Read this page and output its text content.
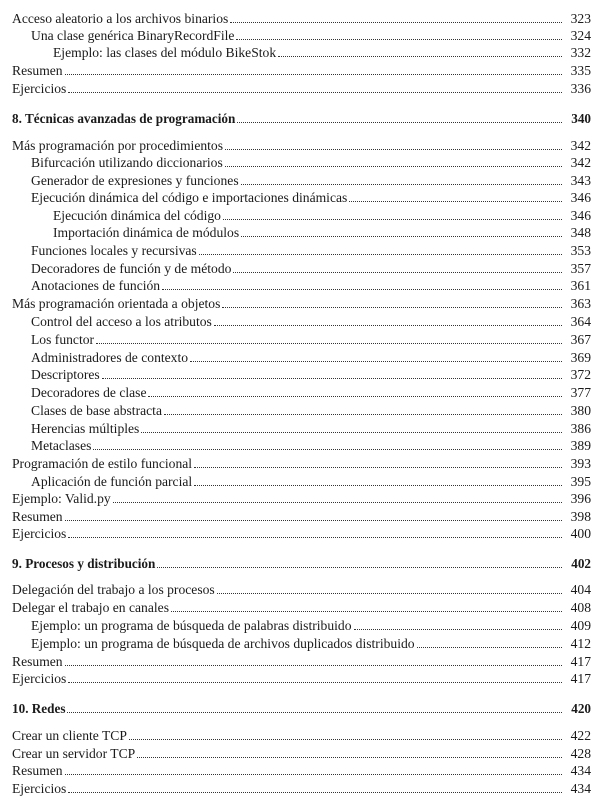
Acceso aleatorio a los archivos binarios	323
Una clase genérica BinaryRecordFile	324
Ejemplo: las clases del módulo BikeStok	332
Resumen	335
Ejercicios	336
8. Técnicas avanzadas de programación	340
Más programación por procedimientos	342
Bifurcación utilizando diccionarios	342
Generador de expresiones y funciones	343
Ejecución dinámica del código e importaciones dinámicas	346
Ejecución dinámica del código	346
Importación dinámica de módulos	348
Funciones locales y recursivas	353
Decoradores de función y de método	357
Anotaciones de función	361
Más programación orientada a objetos	363
Control del acceso a los atributos	364
Los functor	367
Administradores de contexto	369
Descriptores	372
Decoradores de clase	377
Clases de base abstracta	380
Herencias múltiples	386
Metaclases	389
Programación de estilo funcional	393
Aplicación de función parcial	395
Ejemplo: Valid.py	396
Resumen	398
Ejercicios	400
9. Procesos y distribución	402
Delegación del trabajo a los procesos	404
Delegar el trabajo en canales	408
Ejemplo: un programa de búsqueda de palabras distribuido	409
Ejemplo: un programa de búsqueda de archivos duplicados distribuido	412
Resumen	417
Ejercicios	417
10. Redes	420
Crear un cliente TCP	422
Crear un servidor TCP	428
Resumen	434
Ejercicios	434
